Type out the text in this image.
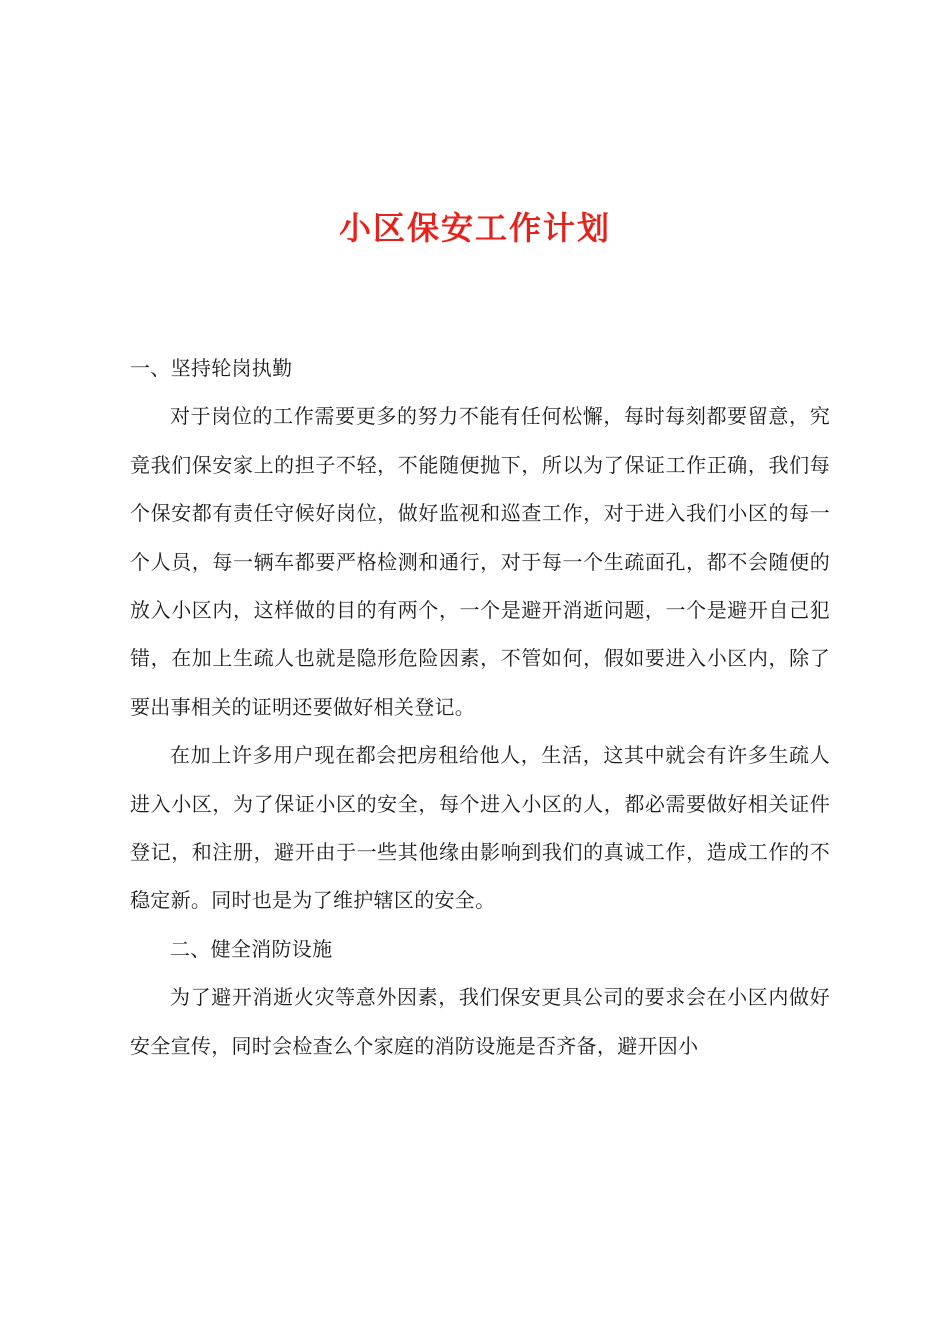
小区保安工作计划

一、坚持轮岗执勤

对于岗位的工作需要更多的努力不能有任何松懈，每时每刻都要留意，究竟我们保安家上的担子不轻，不能随便抛下，所以为了保证工作正确，我们每个保安都有责任守候好岗位，做好监视和巡查工作，对于进入我们小区的每一个人员，每一辆车都要严格检测和通行，对于每一个生疏面孔，都不会随便的放入小区内，这样做的目的有两个，一个是避开消逝问题，一个是避开自己犯错，在加上生疏人也就是隐形危险因素，不管如何，假如要进入小区内，除了要出事相关的证明还要做好相关登记。

在加上许多用户现在都会把房租给他人，生活，这其中就会有许多生疏人进入小区，为了保证小区的安全，每个进入小区的人，都必需要做好相关证件登记，和注册，避开由于一些其他缘由影响到我们的真诚工作，造成工作的不稳定新。同时也是为了维护辖区的安全。

二、健全消防设施

为了避开消逝火灾等意外因素，我们保安更具公司的要求会在小区内做好安全宣传，同时会检查么个家庭的消防设施是否齐备，避开因小
